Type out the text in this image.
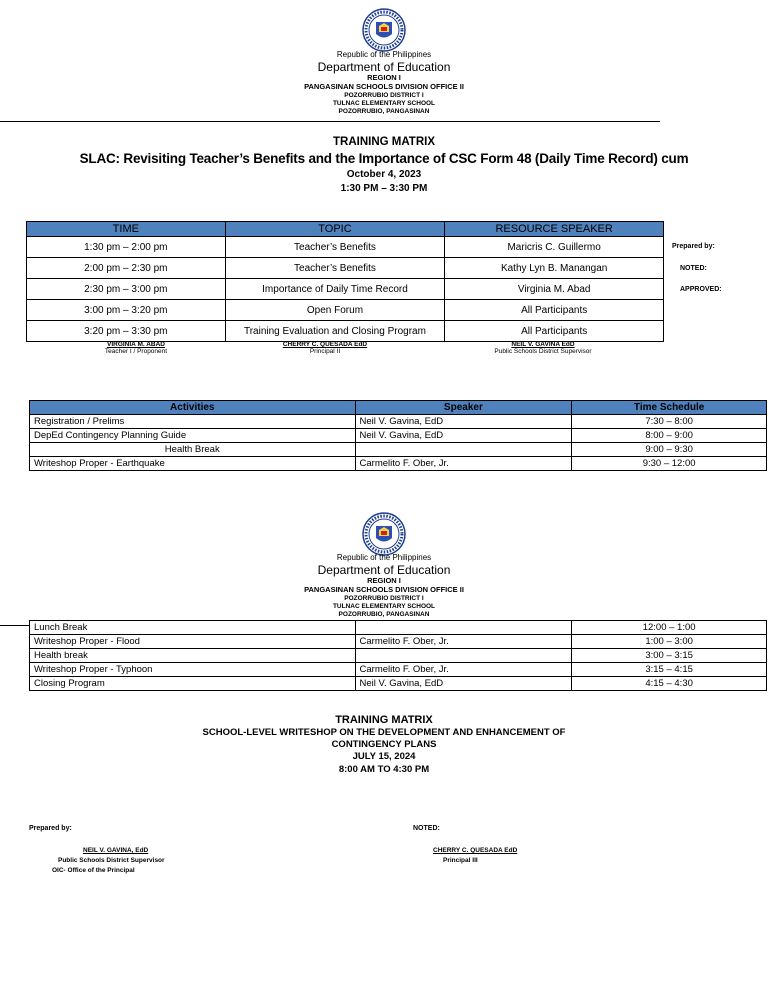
Republic of the Philippines
Department of Education
REGION I
PANGASINAN SCHOOLS DIVISION OFFICE II
POZORRUBIO DISTRICT I
TULNAC ELEMENTARY SCHOOL
POZORRUBIO, PANGASINAN
TRAINING MATRIX
SLAC: Revisiting Teacher’s Benefits and the Importance of CSC Form 48 (Daily Time Record) cum
October 4, 2023
1:30 PM – 3:30 PM
TIME	TOPIC	RESOURCE SPEAKER
1:30 pm – 2:00 pm	Teacher’s Benefits	Maricris C. Guillermo
2:00 pm – 2:30 pm	Teacher’s Benefits	Kathy Lyn B. Manangan
2:30 pm – 3:00 pm	Importance of Daily Time Record	Virginia M. Abad
3:00 pm – 3:20 pm	Open Forum	All Participants
3:20 pm – 3:30 pm	Training Evaluation and Closing Program	All Participants
Prepared by:
NOTED:
APPROVED:
VIRGINIA M. ABAD
Teacher I / Proponent
CHERRY C. QUESADA EdD
Principal II
NEIL V. GAVINA EdD
Public Schools District Supervisor
Activities	Speaker	Time Schedule
Registration / Prelims	Neil V. Gavina, EdD	7:30 – 8:00
DepEd Contingency Planning Guide	Neil V. Gavina, EdD	8:00 – 9:00
Health Break		9:00 – 9:30
Writeshop Proper - Earthquake	Carmelito F. Ober, Jr.	9:30 – 12:00
Republic of the Philippines
Department of Education
REGION I
PANGASINAN SCHOOLS DIVISION OFFICE II
POZORRUBIO DISTRICT I
TULNAC ELEMENTARY SCHOOL
POZORRUBIO, PANGASINAN
Lunch Break		12:00 – 1:00
Writeshop Proper - Flood	Carmelito F. Ober, Jr.	1:00 – 3:00
Health break		3:00 – 3:15
Writeshop Proper - Typhoon	Carmelito F. Ober, Jr.	3:15 – 4:15
Closing Program	Neil V. Gavina, EdD	4:15 – 4:30
TRAINING MATRIX
SCHOOL-LEVEL WRITESHOP ON THE DEVELOPMENT AND ENHANCEMENT OF
CONTINGENCY PLANS
JULY 15, 2024
8:00 AM TO 4:30 PM
Prepared by:	NOTED:
NEIL V. GAVINA, EdD
Public Schools District Supervisor
OIC- Office of the Principal
CHERRY C. QUESADA EdD
Principal III
